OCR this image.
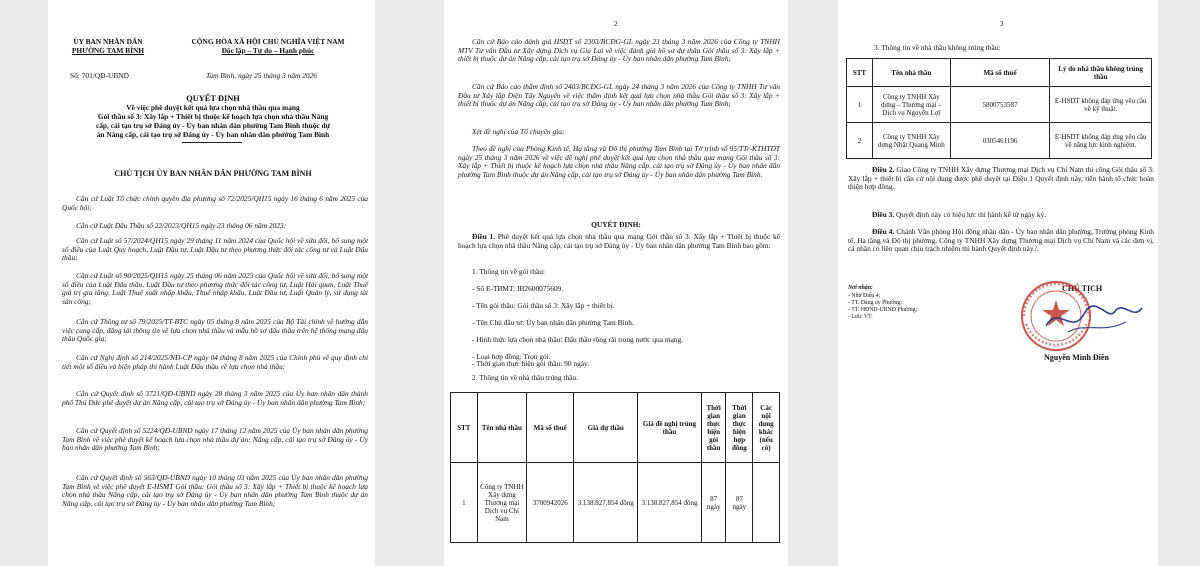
ỦY BAN NHÂN DÂN
PHƯỜNG TAM BÌNH
CỘNG HÒA XÃ HỘI CHỦ NGHĨA VIỆT NAM
Độc lập – Tự do – Hạnh phúc
Số: 701/QĐ-UBND	Tam Bình, ngày 25 tháng 3 năm 2026
QUYẾT ĐỊNH
Về việc phê duyệt kết quả lựa chọn nhà thầu qua mạng
Gói thầu số 3: Xây lắp + Thiết bị thuộc kế hoạch lựa chọn nhà thầu Nâng
cấp, cải tạo trụ sở Đảng ủy - Ủy ban nhân dân phường Tam Bình thuộc dự
án Nâng cấp, cải tạo trụ sở Đảng ủy - Ủy ban nhân dân phường Tam Bình
CHỦ TỊCH ỦY BAN NHÂN DÂN PHƯỜNG TAM BÌNH
Căn cứ Luật Tổ chức chính quyền địa phương số 72/2025/QH15 ngày 16 tháng 6 năm 2025 của Quốc hội;
Căn cứ Luật Đấu Thầu số 22/2023/QH15 ngày 23 tháng 06 năm 2023;
Căn cứ Luật số 57/2024/QH15 ngày 29 tháng 11 năm 2024 của Quốc hội về sửa đổi, bổ sung một số điều của Luật Quy hoạch, Luật Đầu tư, Luật Đầu tư theo phương thức đối tác công tư và Luật Đấu thầu;
Căn cứ Luật số 90/2025/QH15 ngày 25 tháng 06 năm 2025 của Quốc hội về sửa đổi, bổ sung một số điều của Luật Đấu thầu, Luật Đầu tư theo phương thức đối tác công tư, Luật Hải quan, Luật Thuế giá trị gia tăng, Luật Thuế xuất nhập khẩu, Thuế nhập khẩu, Luật Đầu tư, Luật Quản lý, sử dụng tài sản công;
Căn cứ Thông tư số 79/2025/TT-BTC ngày 05 tháng 8 năm 2025 của Bộ Tài chính về hướng dẫn việc cung cấp, đăng tải thông tin về lựa chọn nhà thầu và mẫu hồ sơ đấu thầu trên hệ thống mạng đấu thầu Quốc gia;
Căn cứ Nghị định số 214/2025/NĐ-CP ngày 04 tháng 8 năm 2025 của Chính phủ về quy định chi tiết một số điều và biện pháp thi hành Luật Đấu thầu về lựa chọn nhà thầu;
Căn cứ Quyết định số 3721/QĐ-UBND ngày 28 tháng 3 năm 2025 của Ủy ban nhân dân thành phố Thủ Đức phê duyệt dự án Nâng cấp, cải tạo trụ sở Đảng ủy - Ủy ban nhân dân phường Tam Bình;
Căn cứ Quyết định số 5224/QĐ-UBND ngày 17 tháng 12 năm 2025 của Ủy ban nhân dân phường Tam Bình về việc phê duyệt kế hoạch lựa chọn nhà thầu dự án: Nâng cấp, cải tạo trụ sở Đảng ủy - Ủy ban nhân dân phường Tam Bình;
Căn cứ Quyết định số 563/QĐ-UBND ngày 10 tháng 03 năm 2025 của Ủy ban nhân dân phường Tam Bình về việc phê duyệt E-HSMT Gói thầu: Gói thầu số 3: Xây lắp + Thiết bị thuộc kế hoạch lựa chọn nhà thầu Nâng cấp, cải tạo trụ sở Đảng ủy - Ủy ban nhân dân phường Tam Bình thuộc dự án Nâng cấp, cải tạo trụ sở Đảng ủy - Ủy ban nhân dân phường Tam Bình;
2
Căn cứ Báo cáo đánh giá HSDT số 2303/BCĐG-GL ngày 23 tháng 3 năm 2026 của Công ty TNHH MTV Tư vấn Đầu tư Xây dựng Dịch vụ Gia Lai về việc đánh giá hồ sơ dự thầu Gói thầu số 3: Xây lắp + thiết bị thuộc dự án Nâng cấp, cải tạo trụ sở Đảng ủy - Ủy ban nhân dân phường Tam Bình;
Căn cứ Báo cáo thẩm định số 2403/BCĐG-GL ngày 24 tháng 3 năm 2026 của Công ty TNHH Tư vấn Đầu tư Xây lắp Điện Tây Nguyên về việc thẩm định kết quả lựa chọn nhà thầu Gói thầu số 3: Xây lắp + thiết bị thuộc dự án Nâng cấp, cải tạo trụ sở Đảng ủy - Ủy ban nhân dân phường Tam Bình;
Xét đề nghị của Tổ chuyên gia;
Theo đề nghị của Phòng Kinh tế, Hạ tầng và Đô thị phường Tam Bình tại Tờ trình số 95/TTr-KTHTĐT ngày 25 tháng 3 năm 2026 về việc đề nghị phê duyệt kết quả lựa chọn nhà thầu qua mạng Gói thầu số 3: Xây lắp + Thiết bị thuộc kế hoạch lựa chọn nhà thầu Nâng cấp, cải tạo trụ sở Đảng ủy - Ủy ban nhân dân phường Tam Bình thuộc dự án Nâng cấp, cải tạo trụ sở Đảng ủy - Ủy ban nhân dân phường Tam Bình.
QUYẾT ĐỊNH:
Điều 1. Phê duyệt kết quả lựa chọn nhà thầu qua mạng Gói thầu số 3: Xây lắp + Thiết bị thuộc kế hoạch lựa chọn nhà thầu Nâng cấp, cải tạo trụ sở Đảng ủy - Ủy ban nhân dân phường Tam Bình bao gồm:
1. Thông tin về gói thầu:
- Số E-TBMT: IB2600075609.
- Tên gói thầu: Gói thầu số 3: Xây lắp + thiết bị.
- Tên Chủ đầu tư: Ủy ban nhân dân phường Tam Bình.
- Hình thức lựa chọn nhà thầu: Đấu thầu rộng rãi trong nước qua mạng.
- Loại hợp đồng: Trọn gói.
- Thời gian thực hiện gói thầu: 90 ngày.
2. Thông tin về nhà thầu trúng thầu.
STT	Tên nhà thầu	Mã số thuế	Giá dự thầu	Giá đề nghị trúng thầu	Thời gian thực hiện gói thầu	Thời gian thực hiện hợp đồng	Các nội dung khác (nếu có)
1	Công ty TNHH Xây dựng Thương mại Dịch vụ Chí Nam	3700942026	3.138.827.854 đồng	3.138.827.854 đồng	87 ngày	87 ngày	
3
3. Thông tin về nhà thầu không trúng thầu:
STT	Tên nhà thầu	Mã số thuế	Lý do nhà thầu không trúng thầu
1	Công ty TNHH Xây dựng – Thương mại – Dịch vụ Nguyễn Lợi	5800753587	E-HSDT không đáp ứng yêu cầu về kỹ thuật.
2	Công ty TNHH Xây dựng Nhật Quang Minh	0305461196	E-HSDT không đáp ứng yêu cầu về năng lực kinh nghiệm.
Điều 2. Giao Công ty TNHH Xây dựng Thương mại Dịch vụ Chí Nam thi công Gói thầu số 3: Xây lắp + thiết bị căn cứ nội dung được phê duyệt tại Điều 1 Quyết định này, tiến hành tổ chức hoàn thiện hợp đồng.
Điều 3. Quyết định này có hiệu lực thi hành kể từ ngày ký.
Điều 4. Chánh Văn phòng Hội đồng nhân dân - Ủy ban nhân dân phường, Trưởng phòng Kinh tế, Hạ tầng và Đô thị phường, Công ty TNHH Xây dựng Thương mại Dịch vụ Chí Nam và các đơn vị, cá nhân có liên quan chịu trách nhiệm thi hành Quyết định này./.
Nơi nhận:
- Như Điều 4;
- TT. Đảng ủy Phường;
- TT. HĐND-UBND Phường;
- Lưu: VT.
CHỦ TỊCH
Nguyễn Minh Điền
